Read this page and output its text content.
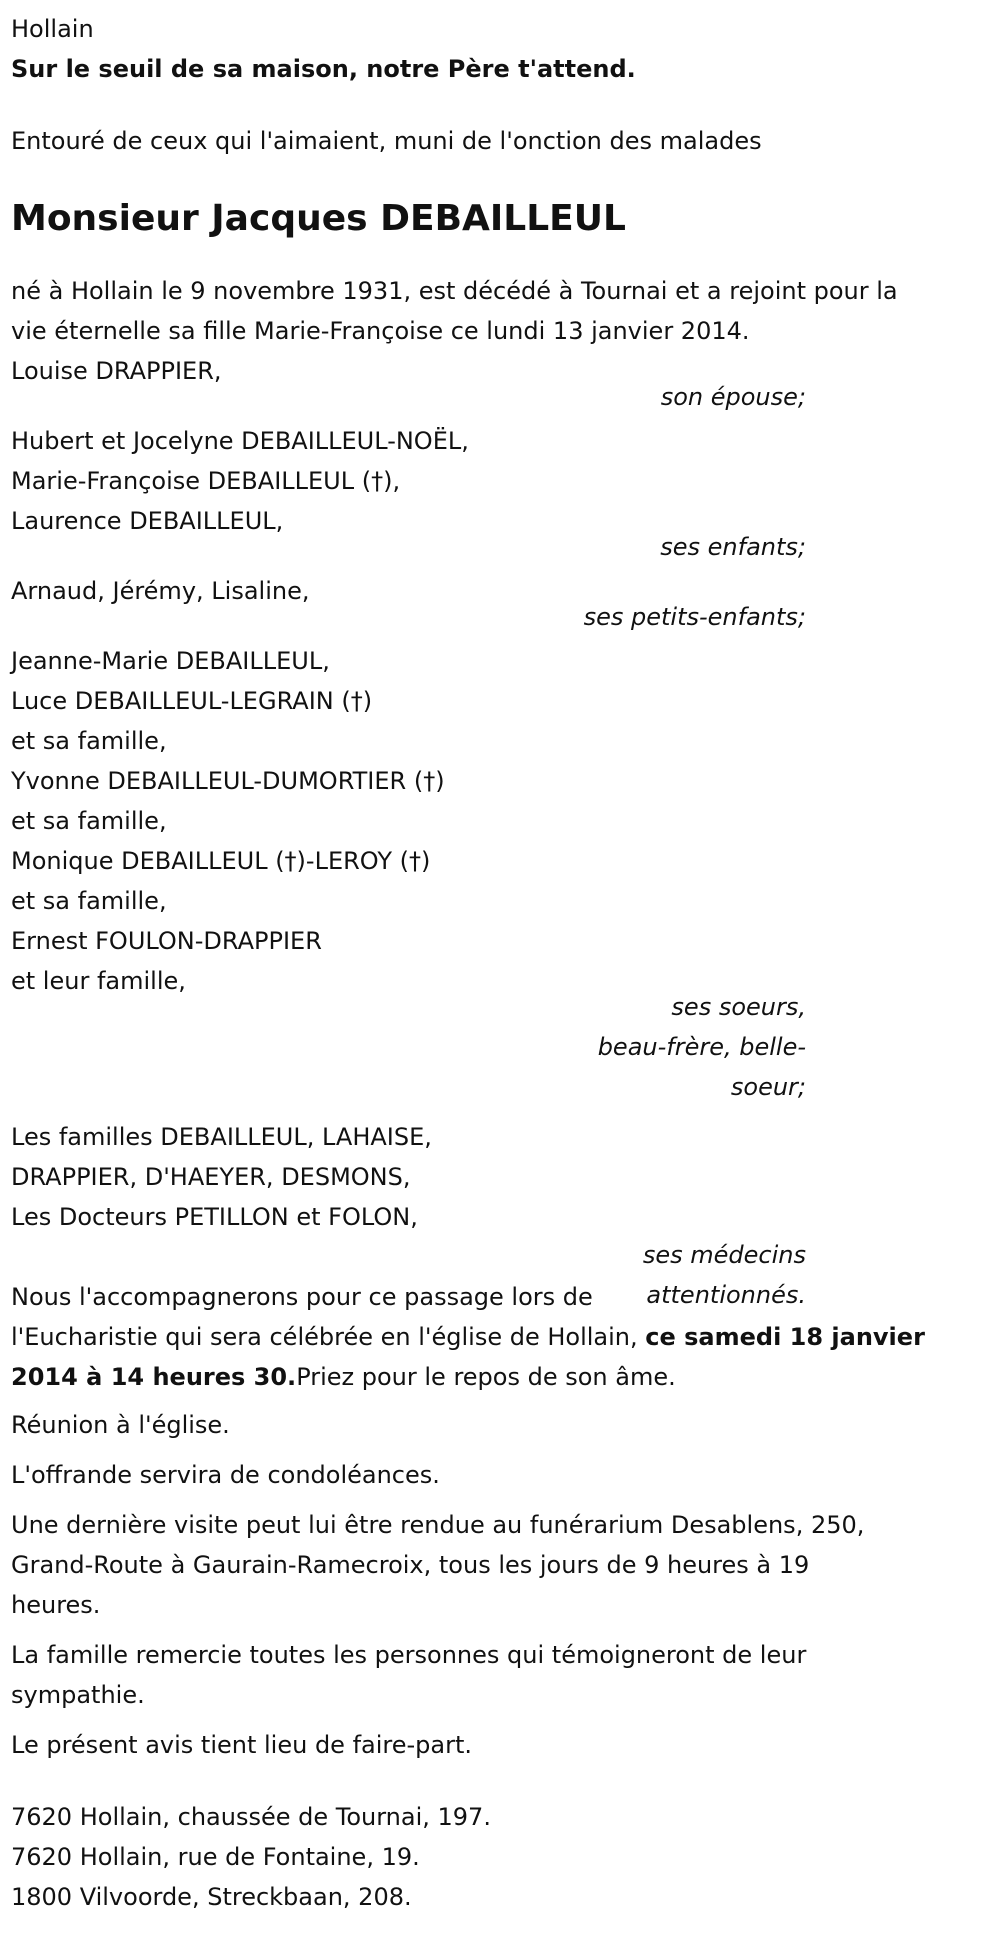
Hollain
Sur le seuil de sa maison, notre Père t'attend.
Entouré de ceux qui l'aimaient, muni de l'onction des malades
Monsieur Jacques DEBAILLEUL
né à Hollain le 9 novembre 1931, est décédé à Tournai et a rejoint pour la
vie éternelle sa fille Marie-Françoise ce lundi 13 janvier 2014.
Louise DRAPPIER,
son épouse;
Hubert et Jocelyne DEBAILLEUL-NOËL,
Marie-Françoise DEBAILLEUL (†),
Laurence DEBAILLEUL,
ses enfants;
Arnaud, Jérémy, Lisaline,
ses petits-enfants;
Jeanne-Marie DEBAILLEUL,
Luce DEBAILLEUL-LEGRAIN (†)
et sa famille,
Yvonne DEBAILLEUL-DUMORTIER (†)
et sa famille,
Monique DEBAILLEUL (†)-LEROY (†)
et sa famille,
Ernest FOULON-DRAPPIER
et leur famille,
ses soeurs,
beau-frère, belle-
soeur;
Les familles DEBAILLEUL, LAHAISE,
DRAPPIER, D'HAEYER, DESMONS,
Les Docteurs PETILLON et FOLON,
ses médecins
attentionnés.
Nous l'accompagnerons pour ce passage lors de
l'Eucharistie qui sera célébrée en l'église de Hollain, ce samedi 18 janvier
2014 à 14 heures 30.Priez pour le repos de son âme.
Réunion à l'église.
L'offrande servira de condoléances.
Une dernière visite peut lui être rendue au funérarium Desablens, 250,
Grand-Route à Gaurain-Ramecroix, tous les jours de 9 heures à 19
heures.
La famille remercie toutes les personnes qui témoigneront de leur
sympathie.
Le présent avis tient lieu de faire-part.
7620 Hollain, chaussée de Tournai, 197.
7620 Hollain, rue de Fontaine, 19.
1800 Vilvoorde, Streckbaan, 208.
